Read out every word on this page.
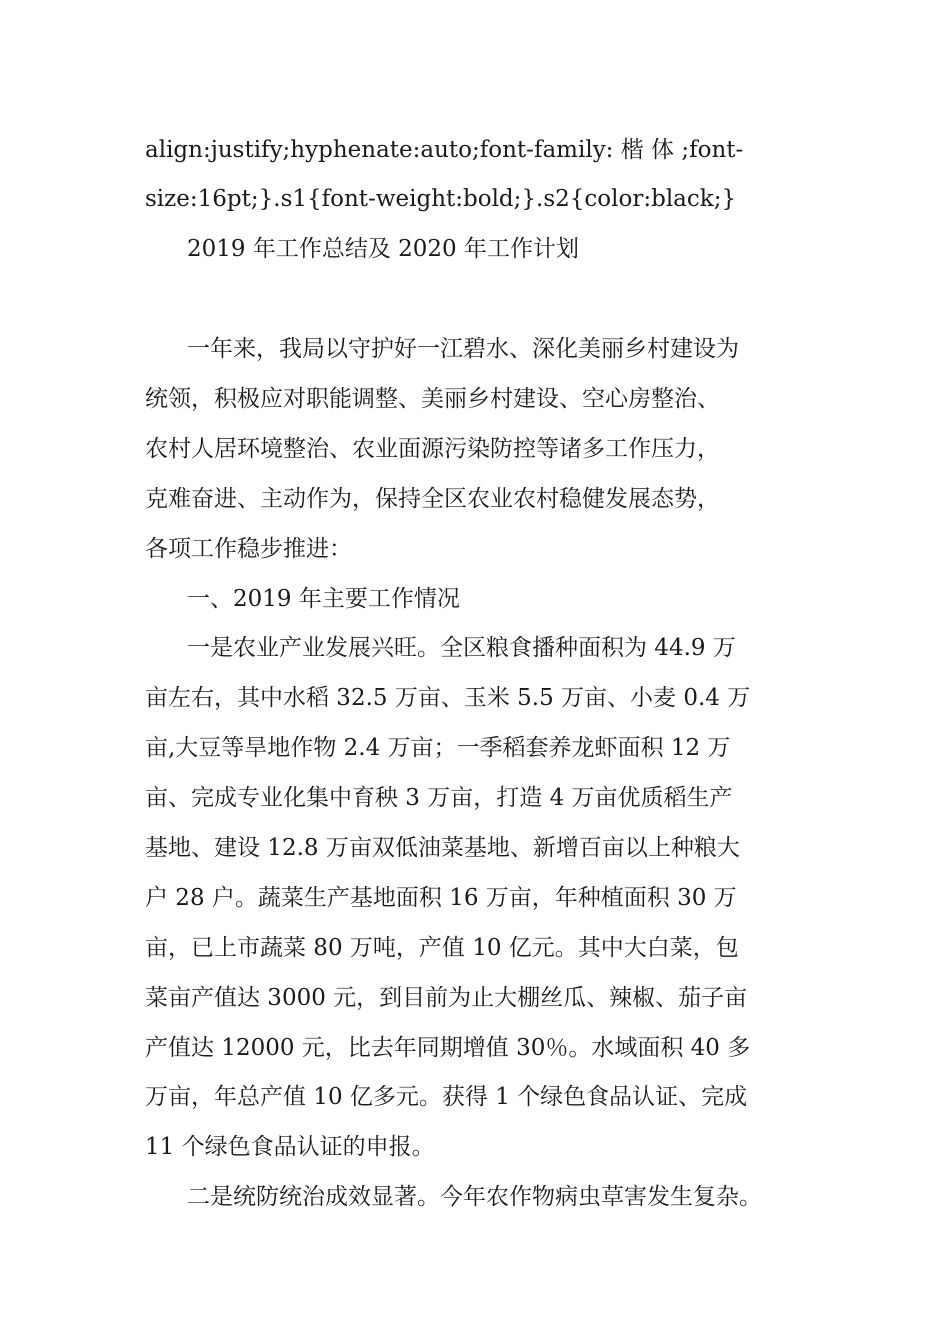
align:justify;hyphenate:auto;font-family: 楷 体 ;font-
size:16pt;}.s1{font-weight:bold;}.s2{color:black;}
2019 年工作总结及 2020 年工作计划
一年来，我局以守护好一江碧水、深化美丽乡村建设为
统领，积极应对职能调整、美丽乡村建设、空心房整治、
农村人居环境整治、农业面源污染防控等诸多工作压力，
克难奋进、主动作为，保持全区农业农村稳健发展态势，
各项工作稳步推进：
一、2019 年主要工作情况
一是农业产业发展兴旺。全区粮食播种面积为 44.9 万
亩左右，其中水稻 32.5 万亩、玉米 5.5 万亩、小麦 0.4 万
亩,大豆等旱地作物 2.4 万亩；一季稻套养龙虾面积 12 万
亩、完成专业化集中育秧 3 万亩，打造 4 万亩优质稻生产
基地、建设 12.8 万亩双低油菜基地、新增百亩以上种粮大
户 28 户。蔬菜生产基地面积 16 万亩，年种植面积 30 万
亩，已上市蔬菜 80 万吨，产值 10 亿元。其中大白菜，包
菜亩产值达 3000 元，到目前为止大棚丝瓜、辣椒、茄子亩
产值达 12000 元，比去年同期增值 30％。水域面积 40 多
万亩，年总产值 10 亿多元。获得 1 个绿色食品认证、完成
11 个绿色食品认证的申报。
二是统防统治成效显著。今年农作物病虫草害发生复杂。
